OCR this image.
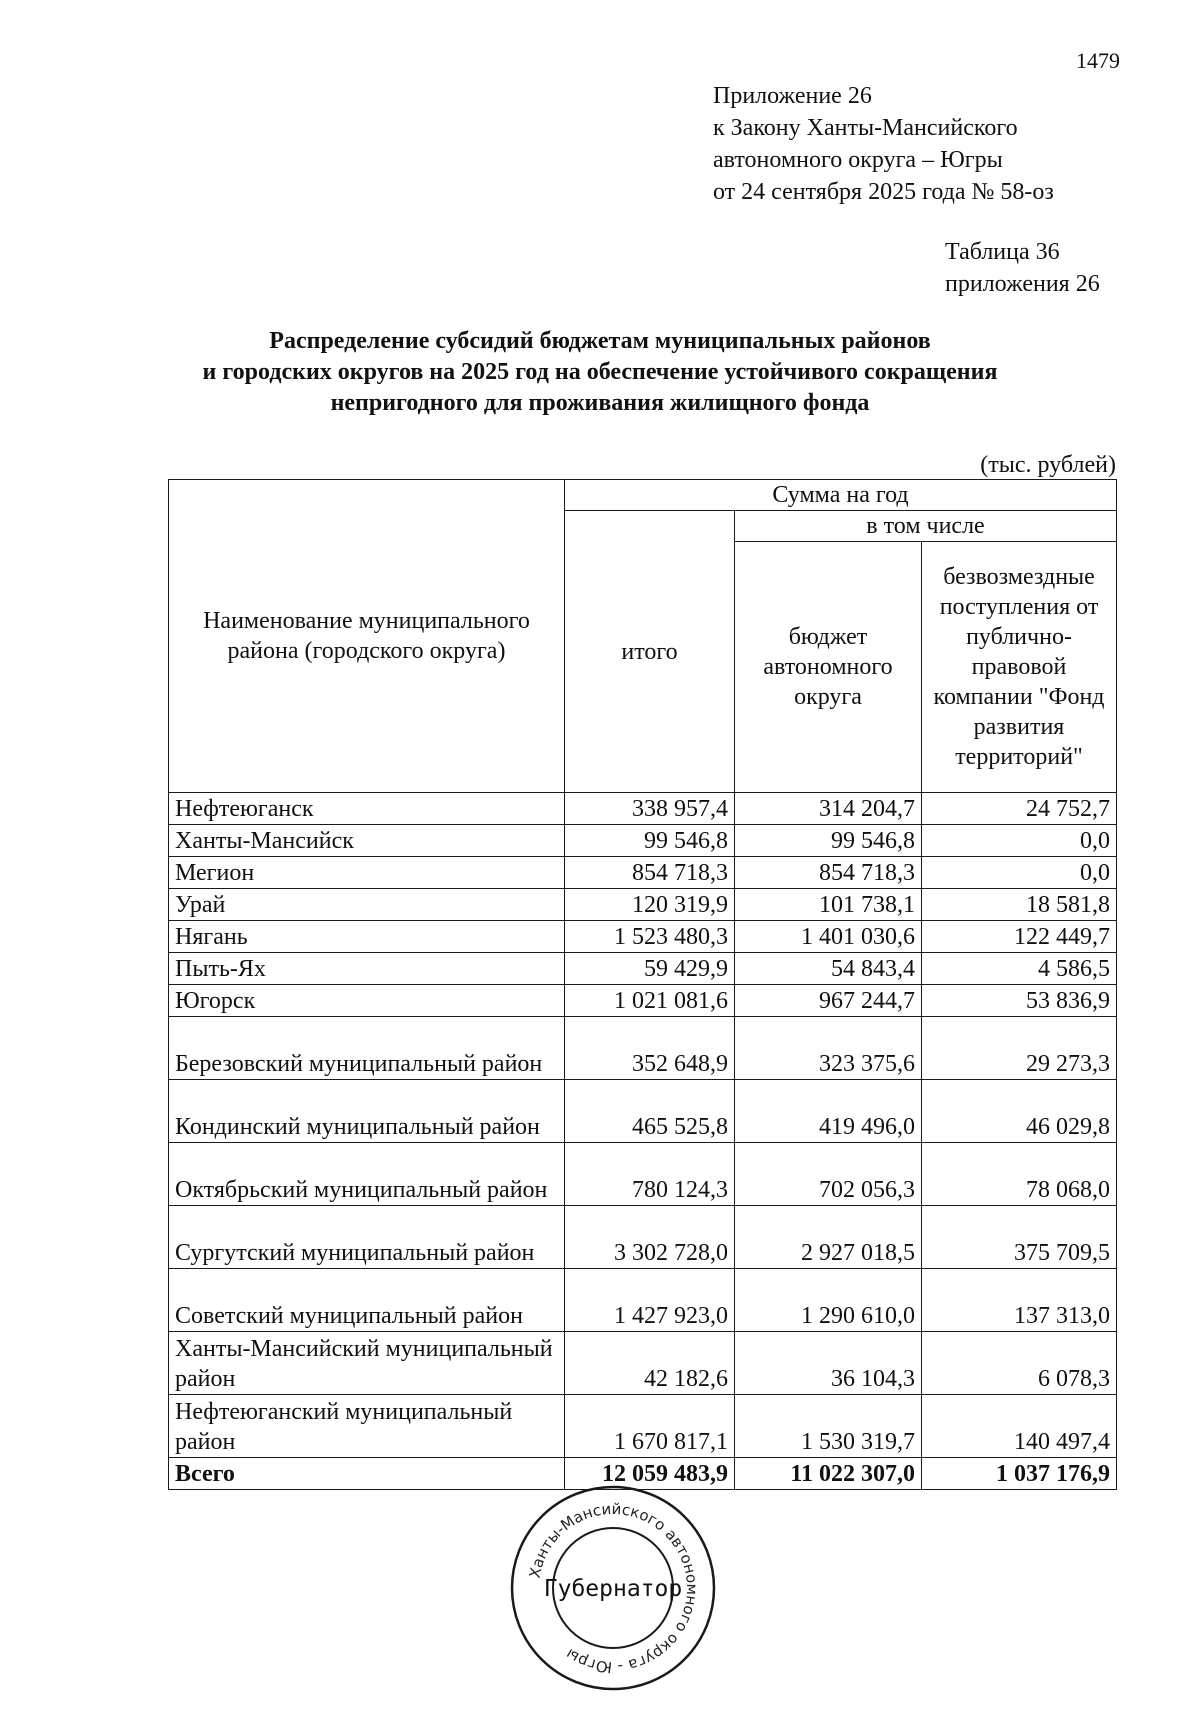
1479
Приложение 26
к Закону Ханты-Мансийского
автономного округа – Югры
от 24 сентября 2025 года № 58-оз
Таблица 36
приложения 26
Распределение субсидий бюджетам муниципальных районов
и городских округов на 2025 год на обеспечение устойчивого сокращения
непригодного для проживания жилищного фонда
(тыс. рублей)
Наименование муниципального района (городского округа)	Сумма на год		
	итого	в том числе	
		бюджет автономного округа	безвозмездные поступления от публично-правовой компании "Фонд развития территорий"
Нефтеюганск	338 957,4	314 204,7	24 752,7
Ханты-Мансийск	99 546,8	99 546,8	0,0
Мегион	854 718,3	854 718,3	0,0
Урай	120 319,9	101 738,1	18 581,8
Нягань	1 523 480,3	1 401 030,6	122 449,7
Пыть-Ях	59 429,9	54 843,4	4 586,5
Югорск	1 021 081,6	967 244,7	53 836,9
Березовский муниципальный район	352 648,9	323 375,6	29 273,3
Кондинский муниципальный район	465 525,8	419 496,0	46 029,8
Октябрьский муниципальный район	780 124,3	702 056,3	78 068,0
Сургутский муниципальный район	3 302 728,0	2 927 018,5	375 709,5
Советский муниципальный район	1 427 923,0	1 290 610,0	137 313,0
Ханты-Мансийский муниципальный район	42 182,6	36 104,3	6 078,3
Нефтеюганский муниципальный район	1 670 817,1	1 530 319,7	140 497,4
Всего	12 059 483,9	11 022 307,0	1 037 176,9
Ханты-Мансийского автономного округа - Югры
Губернатор
